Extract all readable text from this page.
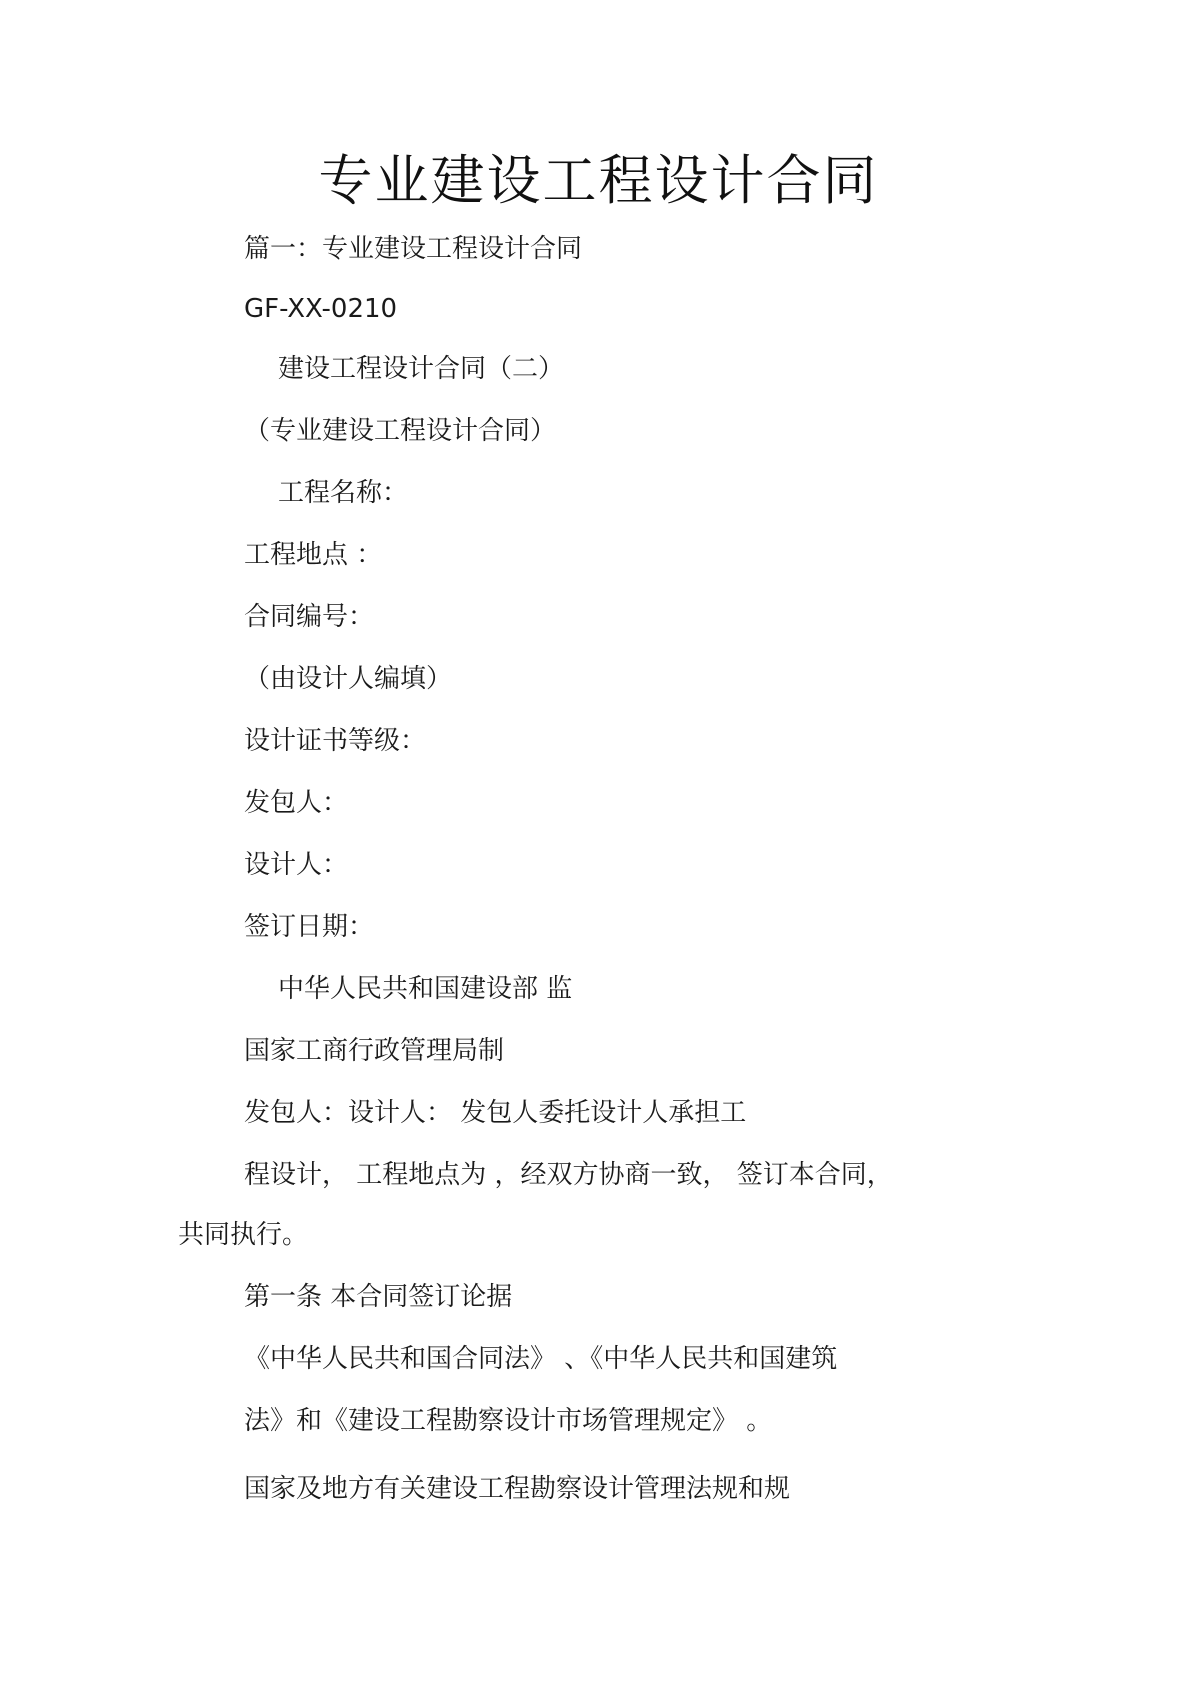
专业建设工程设计合同
篇一：专业建设工程设计合同
GF-XX-0210
建设工程设计合同（二）
（专业建设工程设计合同）
工程名称：
工程地点 ：
合同编号：
（由设计人编填）
设计证书等级：
发包人：
设计人：
签订日期：
中华人民共和国建设部 监
国家工商行政管理局制
发包人：设计人： 发包人委托设计人承担工
程设计， 工程地点为 ，经双方协商一致， 签订本合同，
共同执行。
第一条 本合同签订论据
《中华人民共和国合同法》 、《中华人民共和国建筑
法》和《建设工程勘察设计市场管理规定》 。
国家及地方有关建设工程勘察设计管理法规和规
